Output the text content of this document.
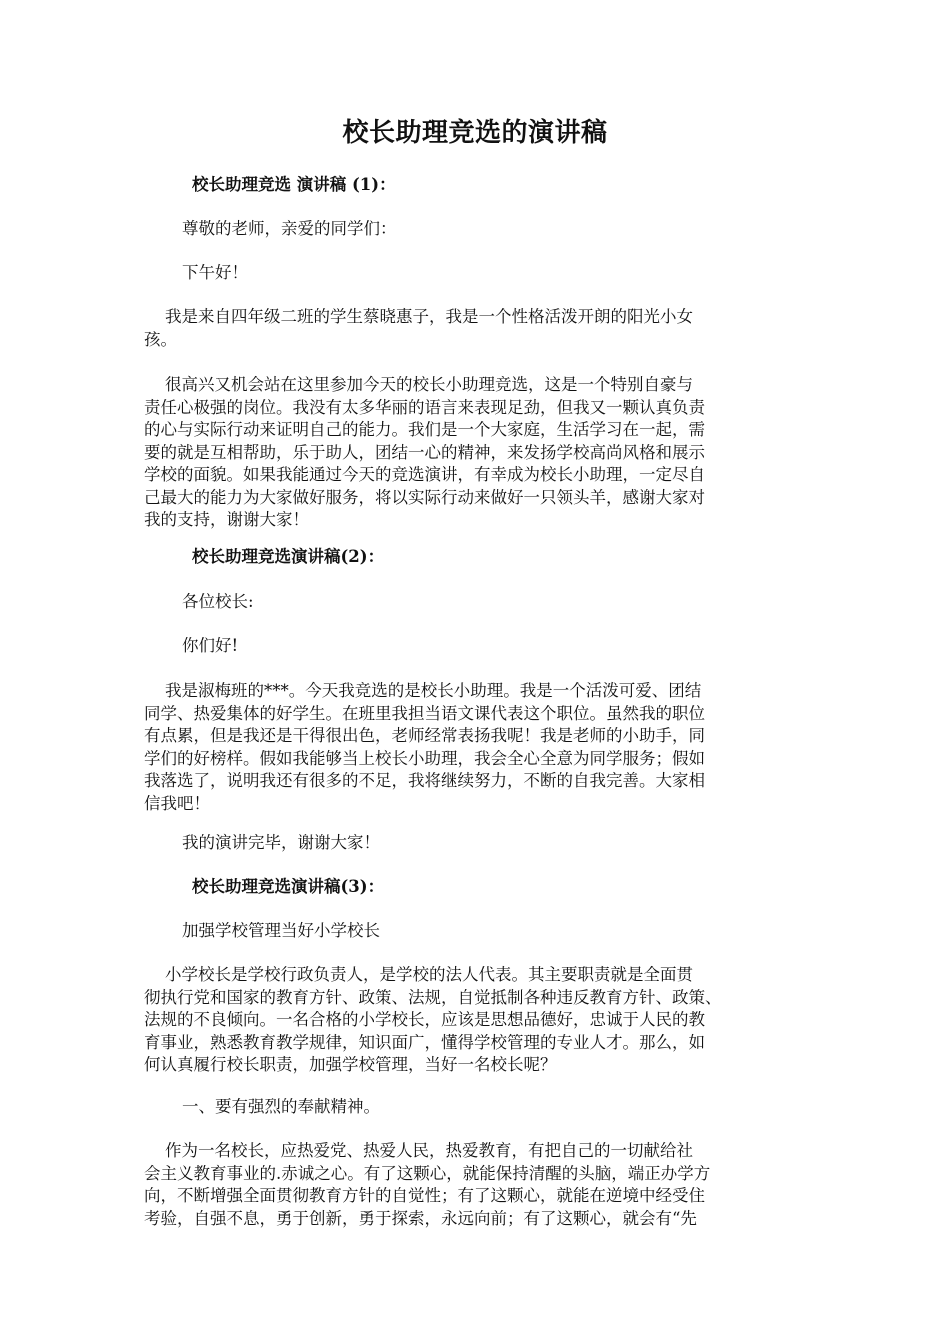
校长助理竞选的演讲稿
校长助理竞选 演讲稿 (1)：
尊敬的老师，亲爱的同学们：
下午好！
我是来自四年级二班的学生蔡晓惠子，我是一个性格活泼开朗的阳光小女
孩。
很高兴又机会站在这里参加今天的校长小助理竞选，这是一个特别自豪与
责任心极强的岗位。我没有太多华丽的语言来表现足劲，但我又一颗认真负责
的心与实际行动来证明自己的能力。我们是一个大家庭，生活学习在一起，需
要的就是互相帮助，乐于助人，团结一心的精神，来发扬学校高尚风格和展示
学校的面貌。如果我能通过今天的竞选演讲，有幸成为校长小助理，一定尽自
己最大的能力为大家做好服务，将以实际行动来做好一只领头羊，感谢大家对
我的支持，谢谢大家！
校长助理竞选演讲稿(2)：
各位校长:
你们好!
我是淑梅班的***。今天我竞选的是校长小助理。我是一个活泼可爱、团结
同学、热爱集体的好学生。在班里我担当语文课代表这个职位。虽然我的职位
有点累，但是我还是干得很出色，老师经常表扬我呢！我是老师的小助手，同
学们的好榜样。假如我能够当上校长小助理，我会全心全意为同学服务；假如
我落选了，说明我还有很多的不足，我将继续努力，不断的自我完善。大家相
信我吧！
我的演讲完毕，谢谢大家！
校长助理竞选演讲稿(3)：
加强学校管理当好小学校长
小学校长是学校行政负责人，是学校的法人代表。其主要职责就是全面贯
彻执行党和国家的教育方针、政策、法规，自觉抵制各种违反教育方针、政策、
法规的不良倾向。一名合格的小学校长，应该是思想品德好，忠诚于人民的教
育事业，熟悉教育教学规律，知识面广，懂得学校管理的专业人才。那么，如
何认真履行校长职责，加强学校管理，当好一名校长呢？
一、要有强烈的奉献精神。
作为一名校长，应热爱党、热爱人民，热爱教育，有把自己的一切献给社
会主义教育事业的.赤诚之心。有了这颗心，就能保持清醒的头脑，端正办学方
向，不断增强全面贯彻教育方针的自觉性；有了这颗心，就能在逆境中经受住
考验，自强不息，勇于创新，勇于探索，永远向前；有了这颗心，就会有“先
